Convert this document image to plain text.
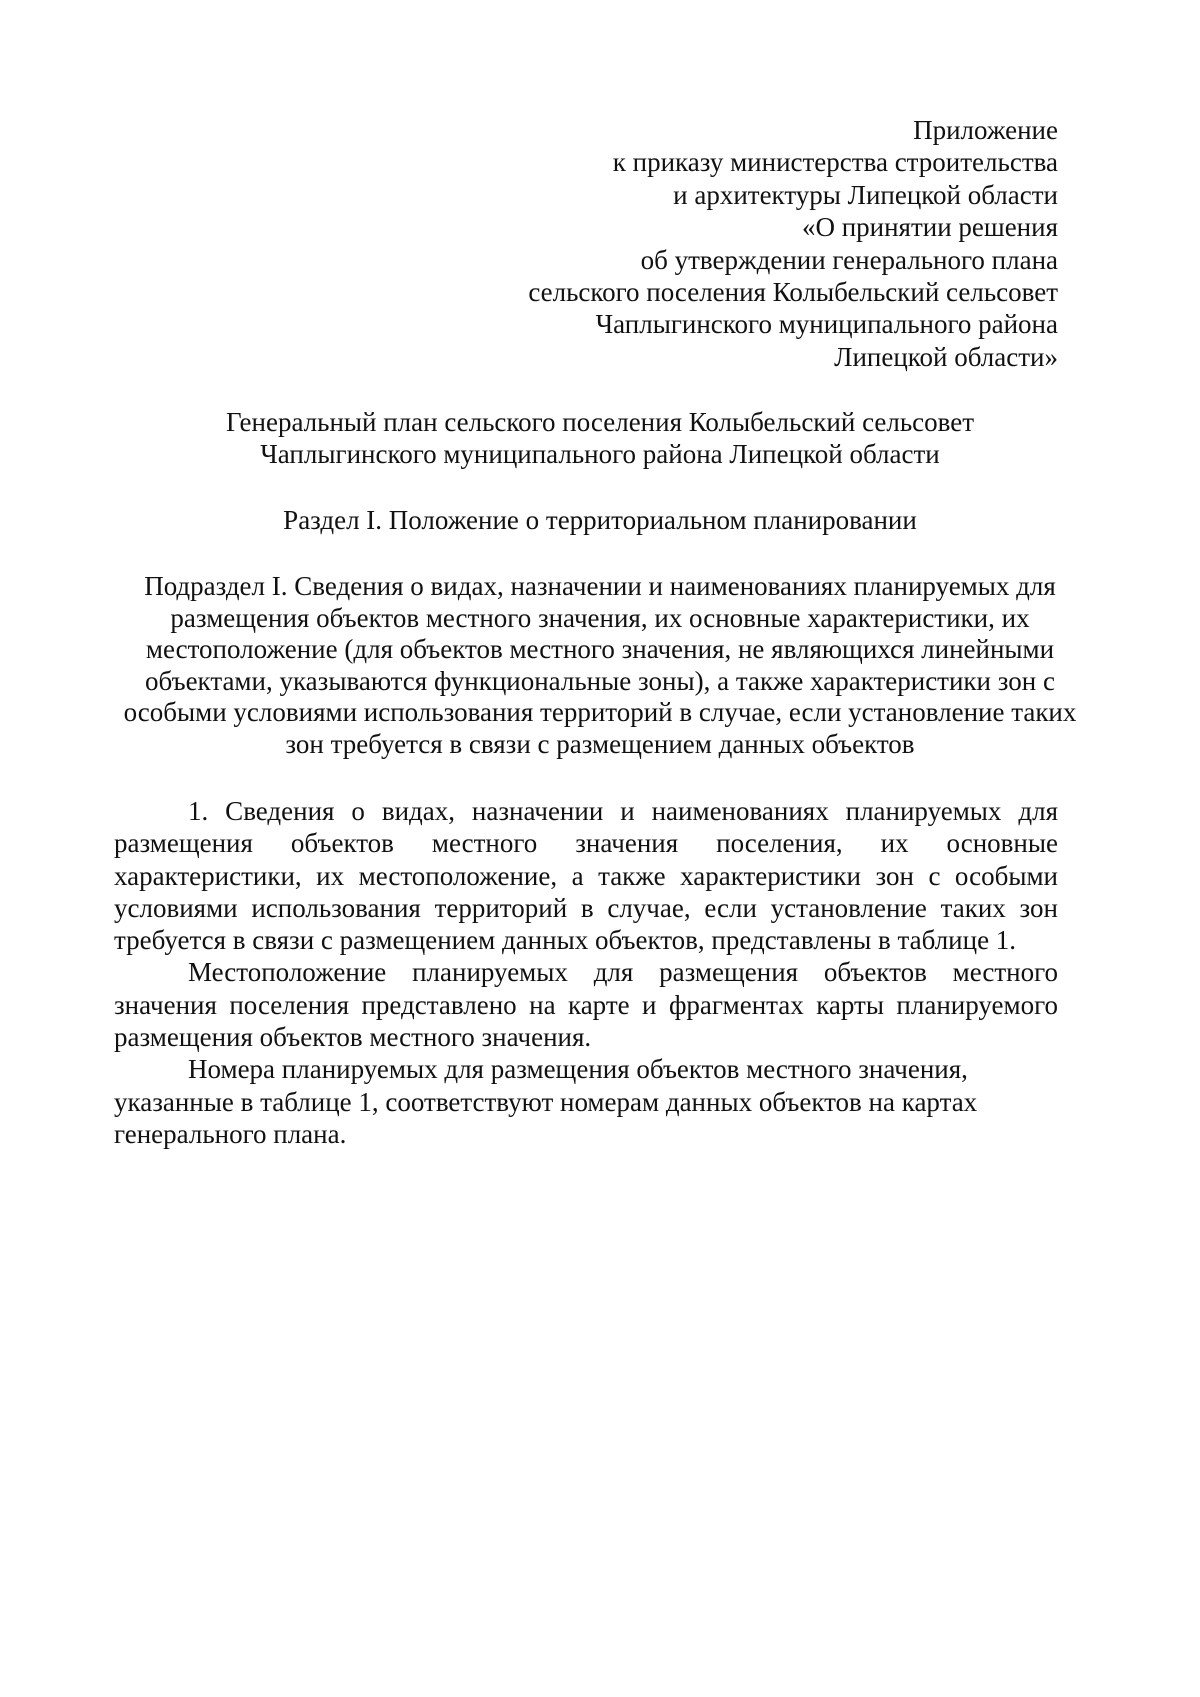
Приложение
к приказу министерства строительства
и архитектуры Липецкой области
«О принятии решения
об утверждении генерального плана
сельского поселения Колыбельский сельсовет
Чаплыгинского муниципального района
Липецкой области»
Генеральный план сельского поселения Колыбельский сельсовет
Чаплыгинского муниципального района Липецкой области
Раздел I. Положение о территориальном планировании
Подраздел I. Сведения о видах, назначении и наименованиях планируемых для
размещения объектов местного значения, их основные характеристики, их
местоположение (для объектов местного значения, не являющихся линейными
объектами, указываются функциональные зоны), а также характеристики зон с
особыми условиями использования территорий в случае, если установление таких
зон требуется в связи с размещением данных объектов

1. Сведения о видах, назначении и наименованиях планируемых для размещения объектов местного значения поселения, их основные характеристики, их местоположение, а также характеристики зон с особыми условиями использования территорий в случае, если установление таких зон требуется в связи с размещением данных объектов, представлены в таблице 1.

Местоположение планируемых для размещения объектов местного значения поселения представлено на карте и фрагментах карты планируемого размещения объектов местного значения.

Номера планируемых для размещения объектов местного значения, указанные в таблице 1, соответствуют номерам данных объектов на картах генерального плана.
